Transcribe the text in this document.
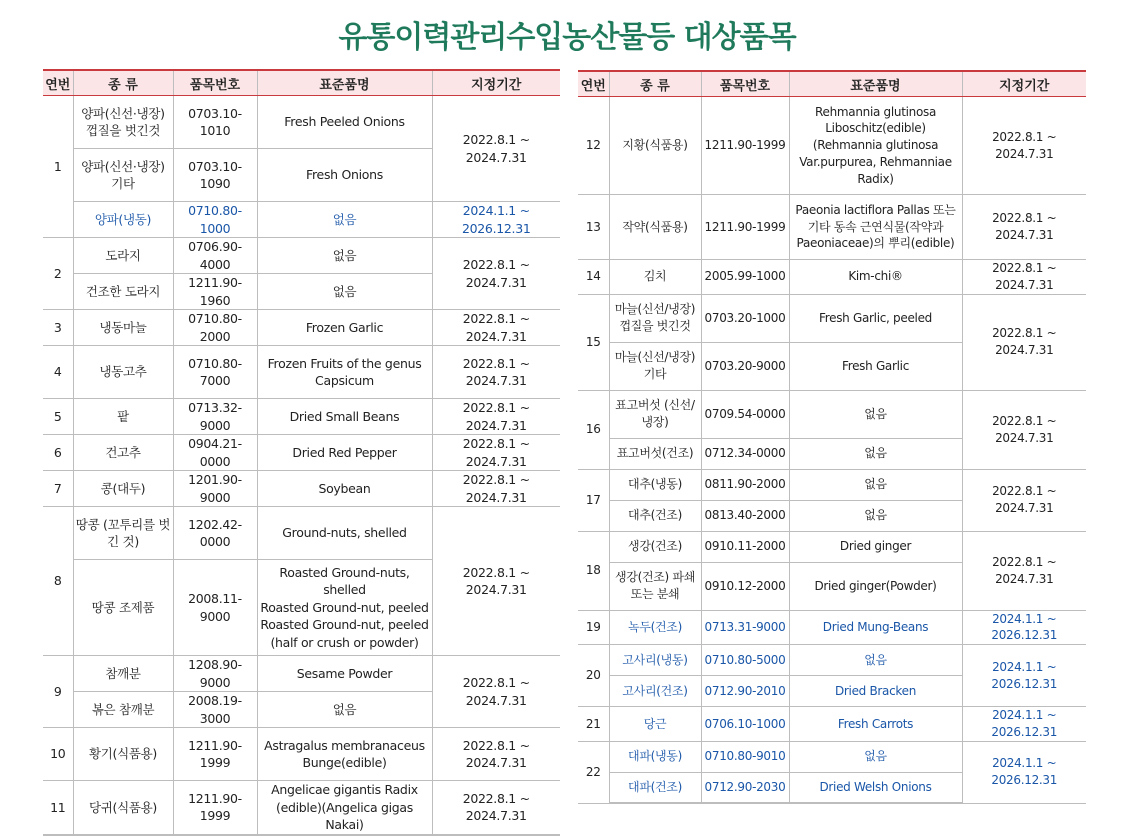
유통이력관리수입농산물등 대상품목
연번	종 류	품목번호	표준품명	지정기간
1	양파(신선·냉장) 껍질을 벗긴것	0703.10-1010	Fresh Peeled Onions	2022.8.1 ~ 2024.7.31
	양파(신선·냉장) 기타	0703.10-1090	Fresh Onions	
	양파(냉동)	0710.80-1000	없음	2024.1.1 ~ 2026.12.31
2	도라지	0706.90-4000	없음	2022.8.1 ~ 2024.7.31
	건조한 도라지	1211.90-1960	없음	
3	냉동마늘	0710.80-2000	Frozen Garlic	2022.8.1 ~ 2024.7.31
4	냉동고추	0710.80-7000	Frozen Fruits of the genus Capsicum	2022.8.1 ~ 2024.7.31
5	팥	0713.32-9000	Dried Small Beans	2022.8.1 ~ 2024.7.31
6	건고추	0904.21-0000	Dried Red Pepper	2022.8.1 ~ 2024.7.31
7	콩(대두)	1201.90-9000	Soybean	2022.8.1 ~ 2024.7.31
8	땅콩 (꼬투리를 벗긴 것)	1202.42-0000	Ground-nuts, shelled	2022.8.1 ~ 2024.7.31
	땅콩 조제품	2008.11-9000	Roasted Ground-nuts, shelled
Roasted Ground-nut, peeled
Roasted Ground-nut, peeled
(half or crush or powder)	

9	참깨분	1208.90-9000	Sesame Powder	2022.8.1 ~ 2024.7.31
	볶은 참깨분	2008.19-3000	없음	
10	황기(식품용)	1211.90-1999	Astragalus membranaceus Bunge(edible)	2022.8.1 ~ 2024.7.31
11	당귀(식품용)	1211.90-1999	Angelicae gigantis Radix (edible)(Angelica gigas Nakai)	2022.8.1 ~ 2024.7.31
연번	종 류	품목번호	표준품명	지정기간
12	지황(식품용)	1211.90-1999	Rehmannia glutinosa Liboschitz(edible) (Rehmannia glutinosa Var.purpurea, Rehmanniae Radix)	2022.8.1 ~ 2024.7.31
13	작약(식품용)	1211.90-1999	Paeonia lactiflora Pallas 또는 기타 동속 근연식물(작약과 Paeoniaceae)의 뿌리(edible)	2022.8.1 ~ 2024.7.31
14	김치	2005.99-1000	Kim-chi®	2022.8.1 ~ 2024.7.31
15	마늘(신선/냉장) 껍질을 벗긴것	0703.20-1000	Fresh Garlic, peeled	2022.8.1 ~ 2024.7.31
	마늘(신선/냉장) 기타	0703.20-9000	Fresh Garlic	
16	표고버섯 (신선/냉장)	0709.54-0000	없음	2022.8.1 ~ 2024.7.31
	표고버섯(건조)	0712.34-0000	없음	
17	대추(냉동)	0811.90-2000	없음	2022.8.1 ~ 2024.7.31
	대추(건조)	0813.40-2000	없음	
18	생강(건조)	0910.11-2000	Dried ginger	2022.8.1 ~ 2024.7.31
	생강(건조) 파쇄 또는 분쇄	0910.12-2000	Dried ginger(Powder)	
19	녹두(건조)	0713.31-9000	Dried Mung-Beans	2024.1.1 ~ 2026.12.31
20	고사리(냉동)	0710.80-5000	없음	2024.1.1 ~ 2026.12.31
	고사리(건조)	0712.90-2010	Dried Bracken	
21	당근	0706.10-1000	Fresh Carrots	2024.1.1 ~ 2026.12.31
22	대파(냉동)	0710.80-9010	없음	2024.1.1 ~ 2026.12.31
	대파(건조)	0712.90-2030	Dried Welsh Onions	
